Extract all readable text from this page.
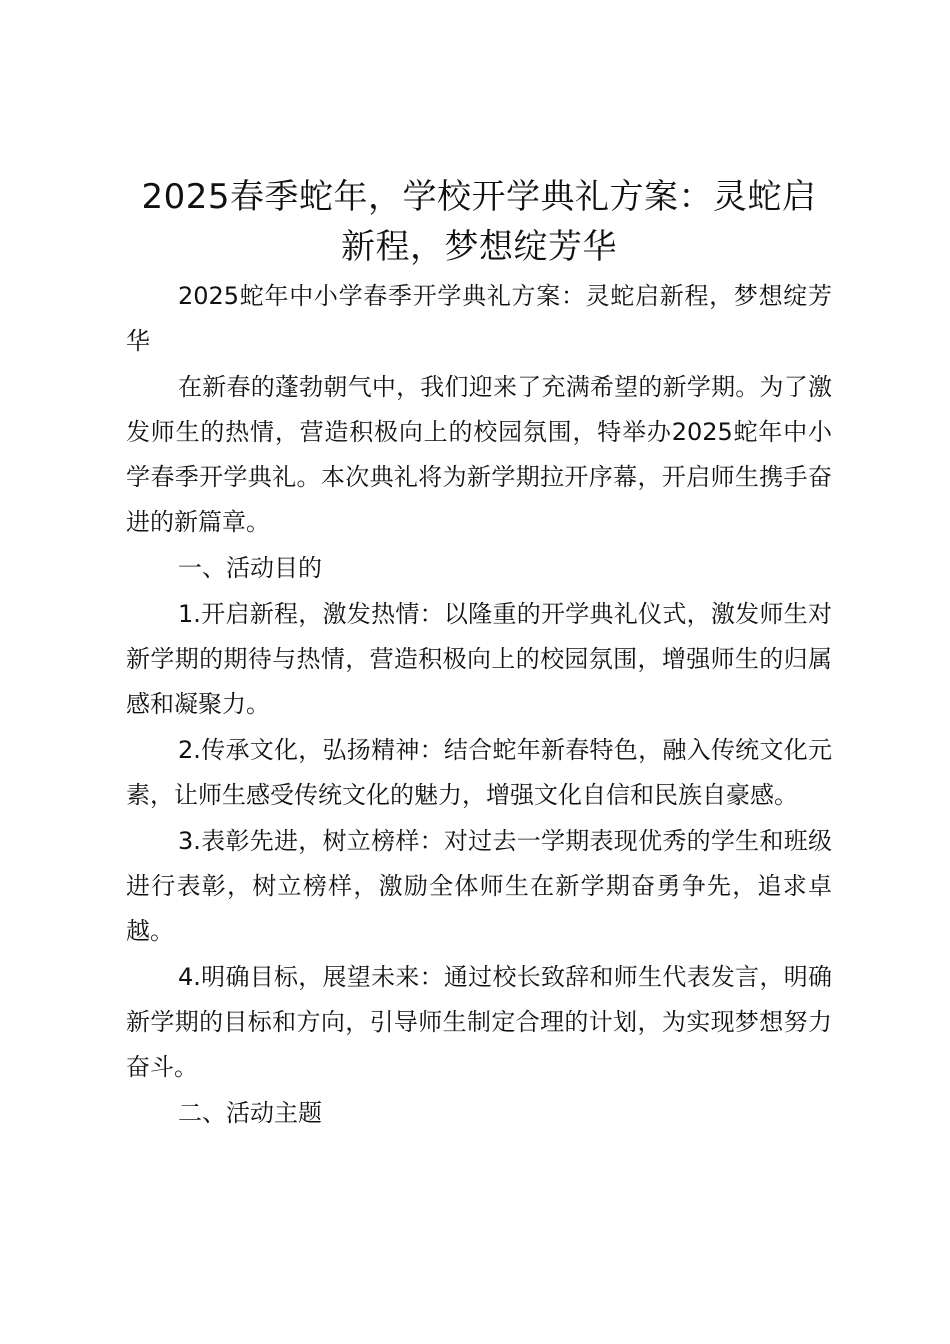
2025春季蛇年，学校开学典礼方案：灵蛇启新程，梦想绽芳华

2025蛇年中小学春季开学典礼方案：灵蛇启新程，梦想绽芳华

在新春的蓬勃朝气中，我们迎来了充满希望的新学期。为了激发师生的热情，营造积极向上的校园氛围，特举办2025蛇年中小学春季开学典礼。本次典礼将为新学期拉开序幕，开启师生携手奋进的新篇章。

一、活动目的

1.开启新程，激发热情：以隆重的开学典礼仪式，激发师生对新学期的期待与热情，营造积极向上的校园氛围，增强师生的归属感和凝聚力。

2.传承文化，弘扬精神：结合蛇年新春特色，融入传统文化元素，让师生感受传统文化的魅力，增强文化自信和民族自豪感。

3.表彰先进，树立榜样：对过去一学期表现优秀的学生和班级进行表彰，树立榜样，激励全体师生在新学期奋勇争先，追求卓越。

4.明确目标，展望未来：通过校长致辞和师生代表发言，明确新学期的目标和方向，引导师生制定合理的计划，为实现梦想努力奋斗。

二、活动主题
